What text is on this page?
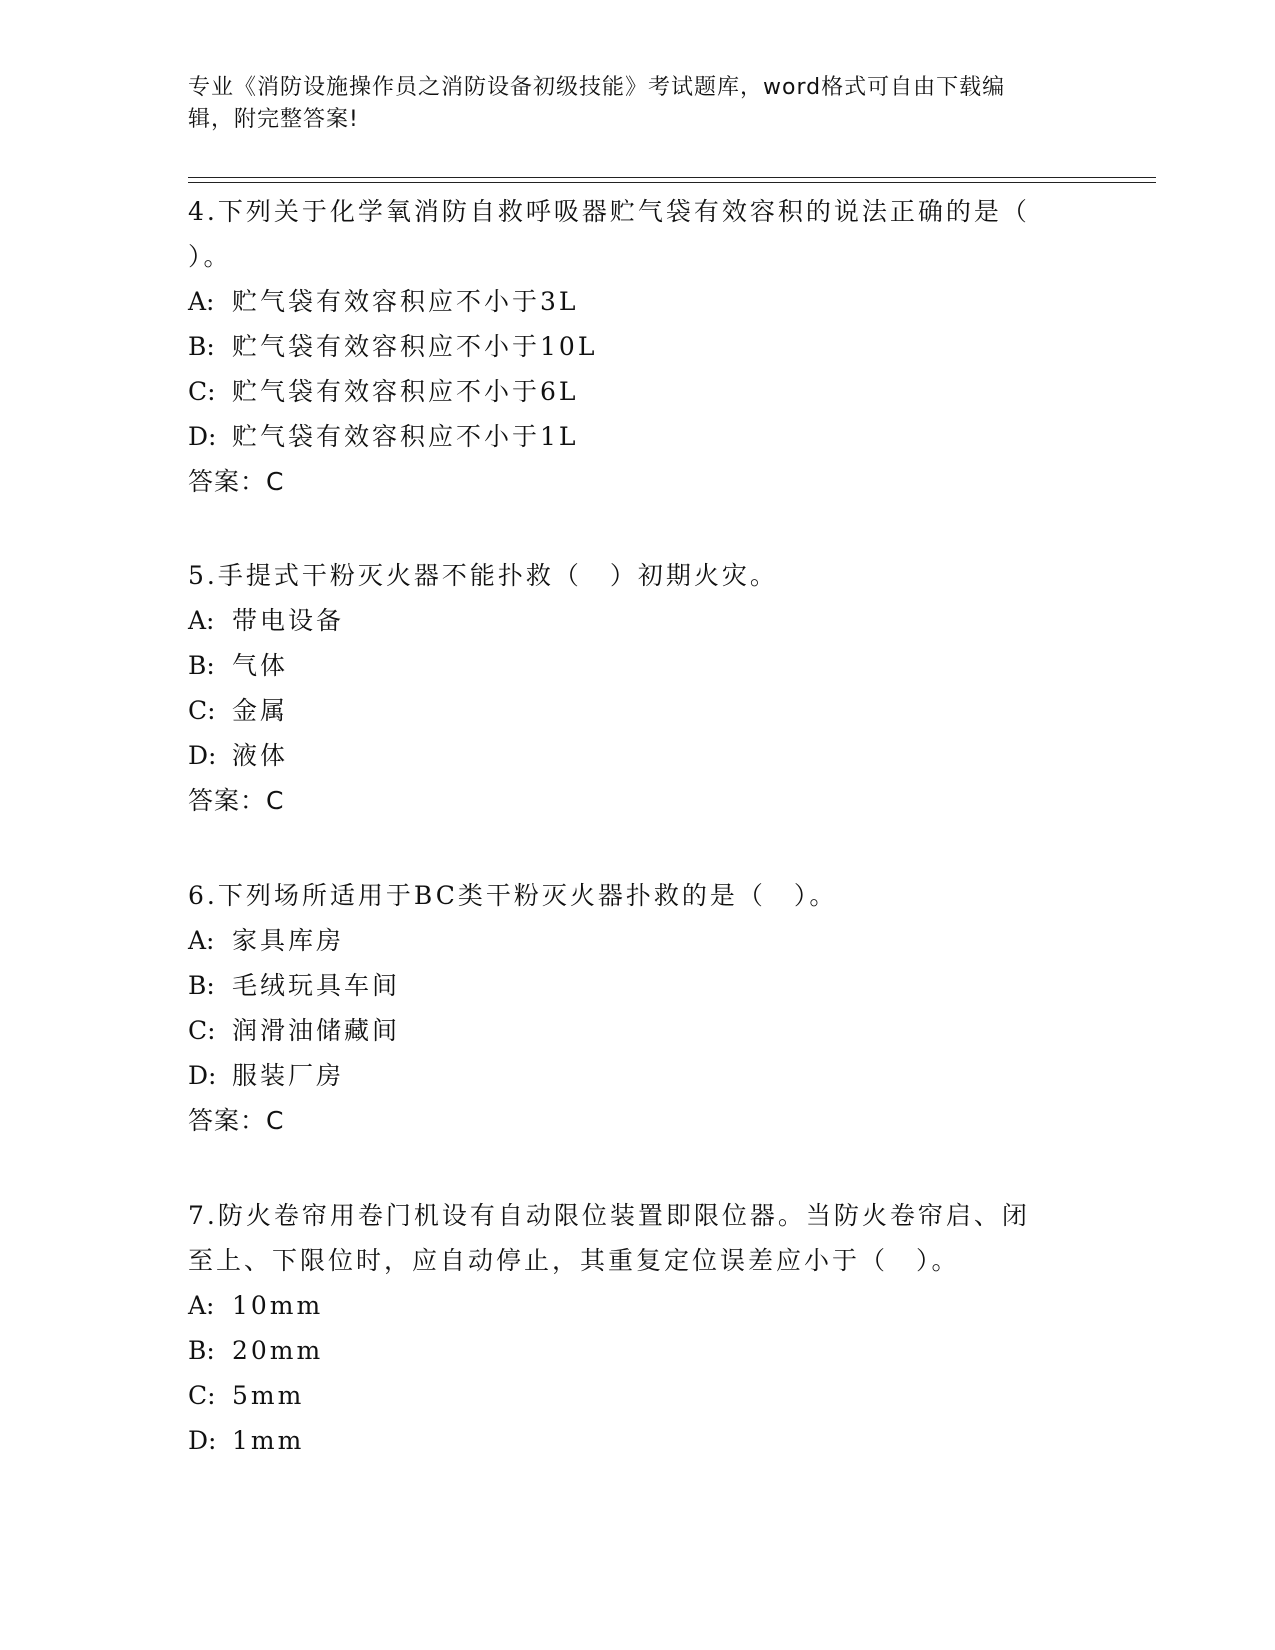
专业《消防设施操作员之消防设备初级技能》考试题库，word格式可自由下载编
辑，附完整答案!
4.下列关于化学氧消防自救呼吸器贮气袋有效容积的说法正确的是（
）。
A: 贮气袋有效容积应不小于3L
B: 贮气袋有效容积应不小于10L
C: 贮气袋有效容积应不小于6L
D: 贮气袋有效容积应不小于1L
答案：C
5.手提式干粉灭火器不能扑救（　）初期火灾。
A: 带电设备
B: 气体
C: 金属
D: 液体
答案：C
6.下列场所适用于BC类干粉灭火器扑救的是（　）。
A: 家具库房
B: 毛绒玩具车间
C: 润滑油储藏间
D: 服装厂房
答案：C
7.防火卷帘用卷门机设有自动限位装置即限位器。当防火卷帘启、闭
至上、下限位时，应自动停止，其重复定位误差应小于（　）。
A: 10mm
B: 20mm
C: 5mm
D: 1mm
